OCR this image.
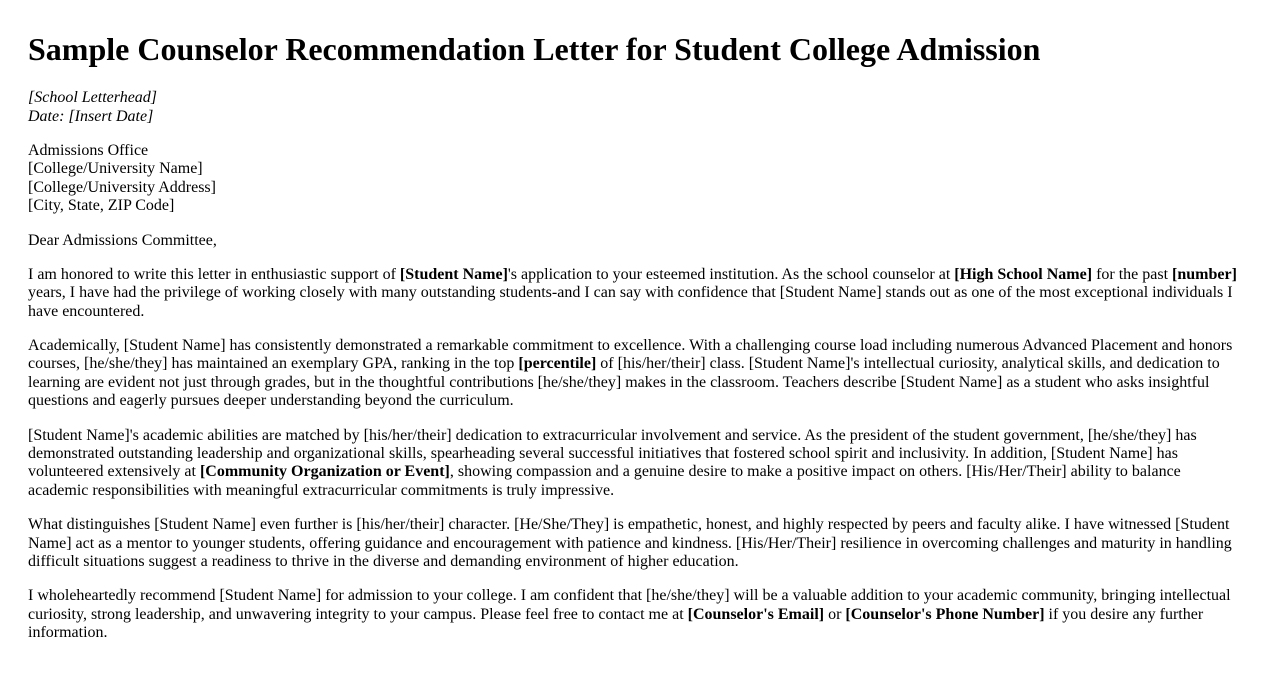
Sample Counselor Recommendation Letter for Student College Admission

[School Letterhead]
Date: [Insert Date]

Admissions Office
[College/University Name]
[College/University Address]
[City, State, ZIP Code]

Dear Admissions Committee,

I am honored to write this letter in enthusiastic support of [Student Name]'s application to your esteemed institution. As the school counselor at [High School Name] for the past [number] years, I have had the privilege of working closely with many outstanding students-and I can say with confidence that [Student Name] stands out as one of the most exceptional individuals I have encountered.

Academically, [Student Name] has consistently demonstrated a remarkable commitment to excellence. With a challenging course load including numerous Advanced Placement and honors courses, [he/she/they] has maintained an exemplary GPA, ranking in the top [percentile] of [his/her/their] class. [Student Name]'s intellectual curiosity, analytical skills, and dedication to learning are evident not just through grades, but in the thoughtful contributions [he/she/they] makes in the classroom. Teachers describe [Student Name] as a student who asks insightful questions and eagerly pursues deeper understanding beyond the curriculum.

[Student Name]'s academic abilities are matched by [his/her/their] dedication to extracurricular involvement and service. As the president of the student government, [he/she/they] has demonstrated outstanding leadership and organizational skills, spearheading several successful initiatives that fostered school spirit and inclusivity. In addition, [Student Name] has volunteered extensively at [Community Organization or Event], showing compassion and a genuine desire to make a positive impact on others. [His/Her/Their] ability to balance academic responsibilities with meaningful extracurricular commitments is truly impressive.

What distinguishes [Student Name] even further is [his/her/their] character. [He/She/They] is empathetic, honest, and highly respected by peers and faculty alike. I have witnessed [Student Name] act as a mentor to younger students, offering guidance and encouragement with patience and kindness. [His/Her/Their] resilience in overcoming challenges and maturity in handling difficult situations suggest a readiness to thrive in the diverse and demanding environment of higher education.

I wholeheartedly recommend [Student Name] for admission to your college. I am confident that [he/she/they] will be a valuable addition to your academic community, bringing intellectual curiosity, strong leadership, and unwavering integrity to your campus. Please feel free to contact me at [Counselor's Email] or [Counselor's Phone Number] if you desire any further information.
